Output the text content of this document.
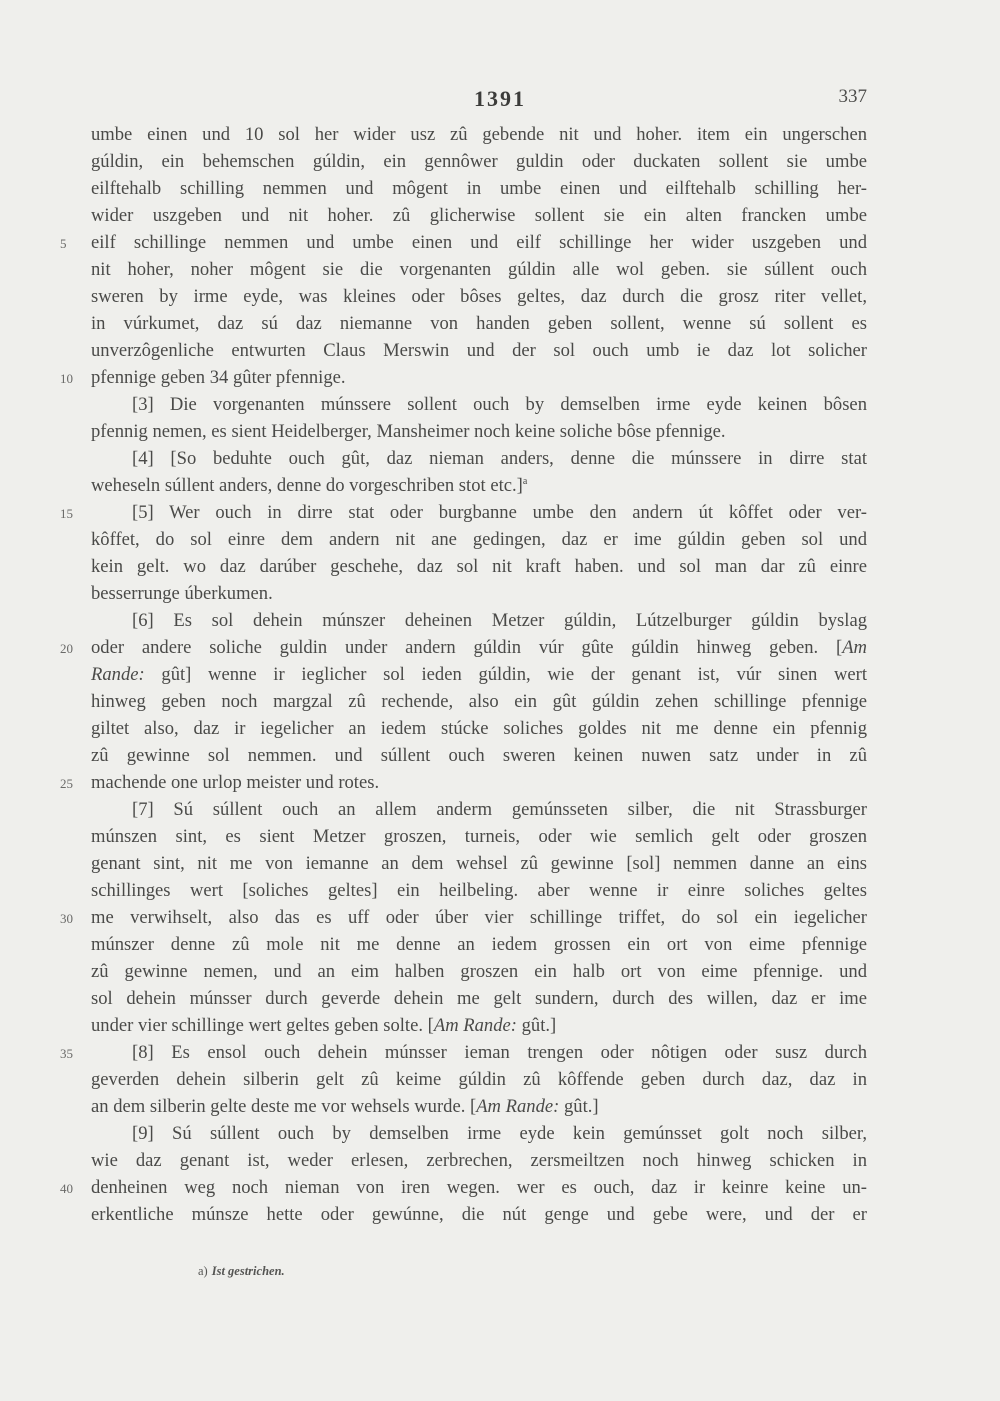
1391	337
umbe einen und 10 sol her wider usz zû gebende nit und hoher. item ein ungerschen
gúldin, ein behemschen gúldin, ein gennôwer guldin oder duckaten sollent sie umbe
eilftehalb schilling nemmen und môgent in umbe einen und eilftehalb schilling her-
wider uszgeben und nit hoher. zû glicherwise sollent sie ein alten francken umbe
5	eilf schillinge nemmen und umbe einen und eilf schillinge her wider uszgeben und
nit hoher, noher môgent sie die vorgenanten gúldin alle wol geben. sie súllent ouch
sweren by irme eyde, was kleines oder bôses geltes, daz durch die grosz riter vellet,
in vúrkumet, daz sú daz niemanne von handen geben sollent, wenne sú sollent es
unverzôgenliche entwurten Claus Merswin und der sol ouch umb ie daz lot solicher
10 pfennige geben 34 gûter pfennige.
[3] Die vorgenanten múnssere sollent ouch by demselben irme eyde keinen bôsen
pfennig nemen, es sient Heidelberger, Mansheimer noch keine soliche bôse pfennige.
[4] [So beduhte ouch gût, daz nieman anders, denne die múnssere in dirre stat
weheseln súllent anders, denne do vorgeschriben stot etc.]$^a$
15	[5] Wer ouch in dirre stat oder burgbanne umbe den andern út kôffet oder ver-
kôffet, do sol einre dem andern nit ane gedingen, daz er ime gúldin geben sol und
kein gelt. wo daz darúber geschehe, daz sol nit kraft haben. und sol man dar zû einre
besserrunge úberkumen.
[6] Es sol dehein múnszer deheinen Metzer gúldin, Lútzelburger gúldin byslag
20 oder andere soliche guldin under andern gúldin vúr gûte gúldin hinweg geben. [Am
Rande: gût] wenne ir ieglicher sol ieden gúldin, wie der genant ist, vúr sinen wert
hinweg geben noch margzal zû rechende, also ein gût gúldin zehen schillinge pfennige
giltet also, daz ir iegelicher an iedem stúcke soliches goldes nit me denne ein pfennig
zû gewinne sol nemmen. und súllent ouch sweren keinen nuwen satz under in zû
25 machende one urlop meister und rotes.
[7] Sú súllent ouch an allem anderm gemúnsseten silber, die nit Strassburger
múnszen sint, es sient Metzer groszen, turneis, oder wie semlich gelt oder groszen
genant sint, nit me von iemanne an dem wehsel zû gewinne [sol] nemmen danne an eins
schillinges wert [soliches geltes] ein heilbeling. aber wenne ir einre soliches geltes
30 me verwihselt, also das es uff oder úber vier schillinge triffet, do sol ein iegelicher
múnszer denne zû mole nit me denne an iedem grossen ein ort von eime pfennige
zû gewinne nemen, und an eim halben groszen ein halb ort von eime pfennige. und
sol dehein múnsser durch geverde dehein me gelt sundern, durch des willen, daz er ime
under vier schillinge wert geltes geben solte. [Am Rande: gût.]
35	[8] Es ensol ouch dehein múnsser ieman trengen oder nôtigen oder susz durch
geverden dehein silberin gelt zû keime gúldin zû kôffende geben durch daz, daz in
an dem silberin gelte deste me vor wehsels wurde. [Am Rande: gût.]
[9] Sú súllent ouch by demselben irme eyde kein gemúnsset golt noch silber,
wie daz genant ist, weder erlesen, zerbrechen, zersmeiltzen noch hinweg schicken in
40 denheinen weg noch nieman von iren wegen. wer es ouch, daz ir keinre keine un-
erkentliche múnsze hette oder gewúnne, die nút genge und gebe were, und der er
a) Ist gestrichen.
